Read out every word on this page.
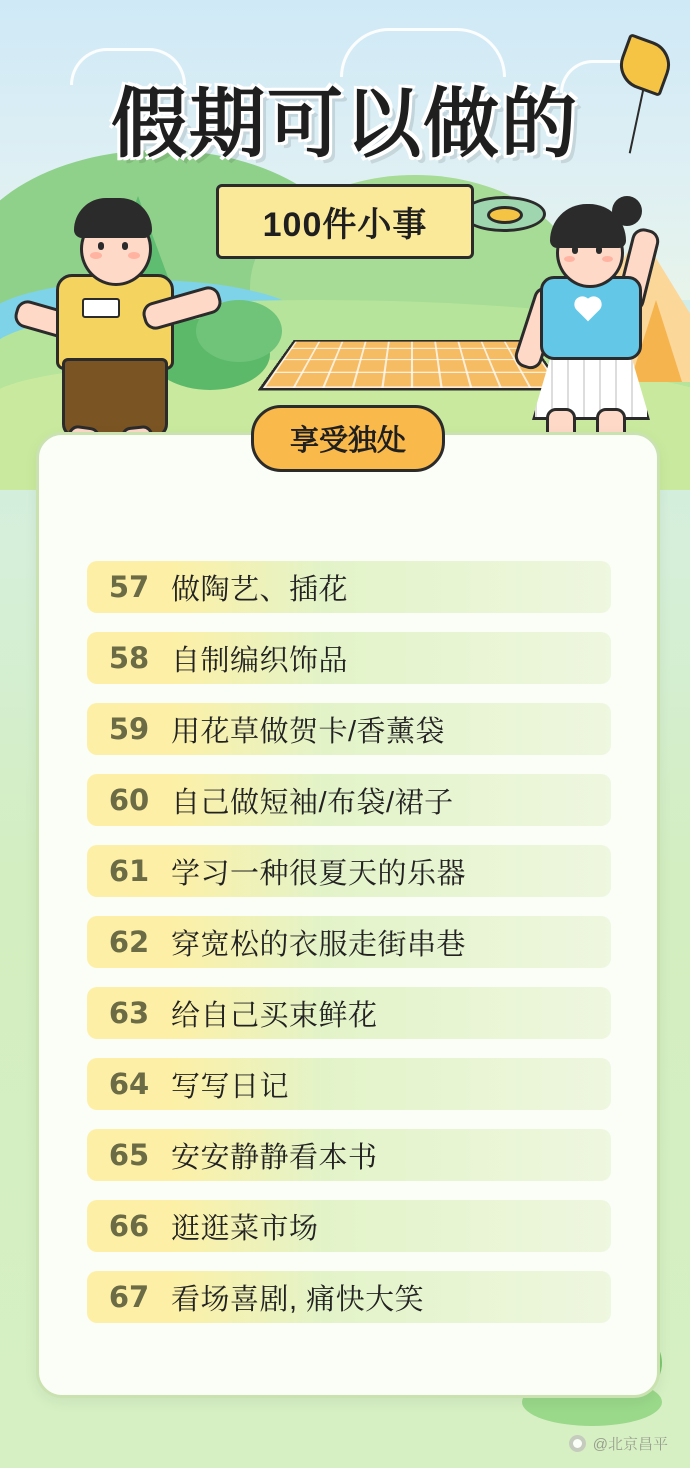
假期可以做的
100件小事
享受独处
57 做陶艺、插花
58 自制编织饰品
59 用花草做贺卡/香薰袋
60 自己做短袖/布袋/裙子
61 学习一种很夏天的乐器
62 穿宽松的衣服走街串巷
63 给自己买束鲜花
64 写写日记
65 安安静静看本书
66 逛逛菜市场
67 看场喜剧, 痛快大笑
@北京昌平
